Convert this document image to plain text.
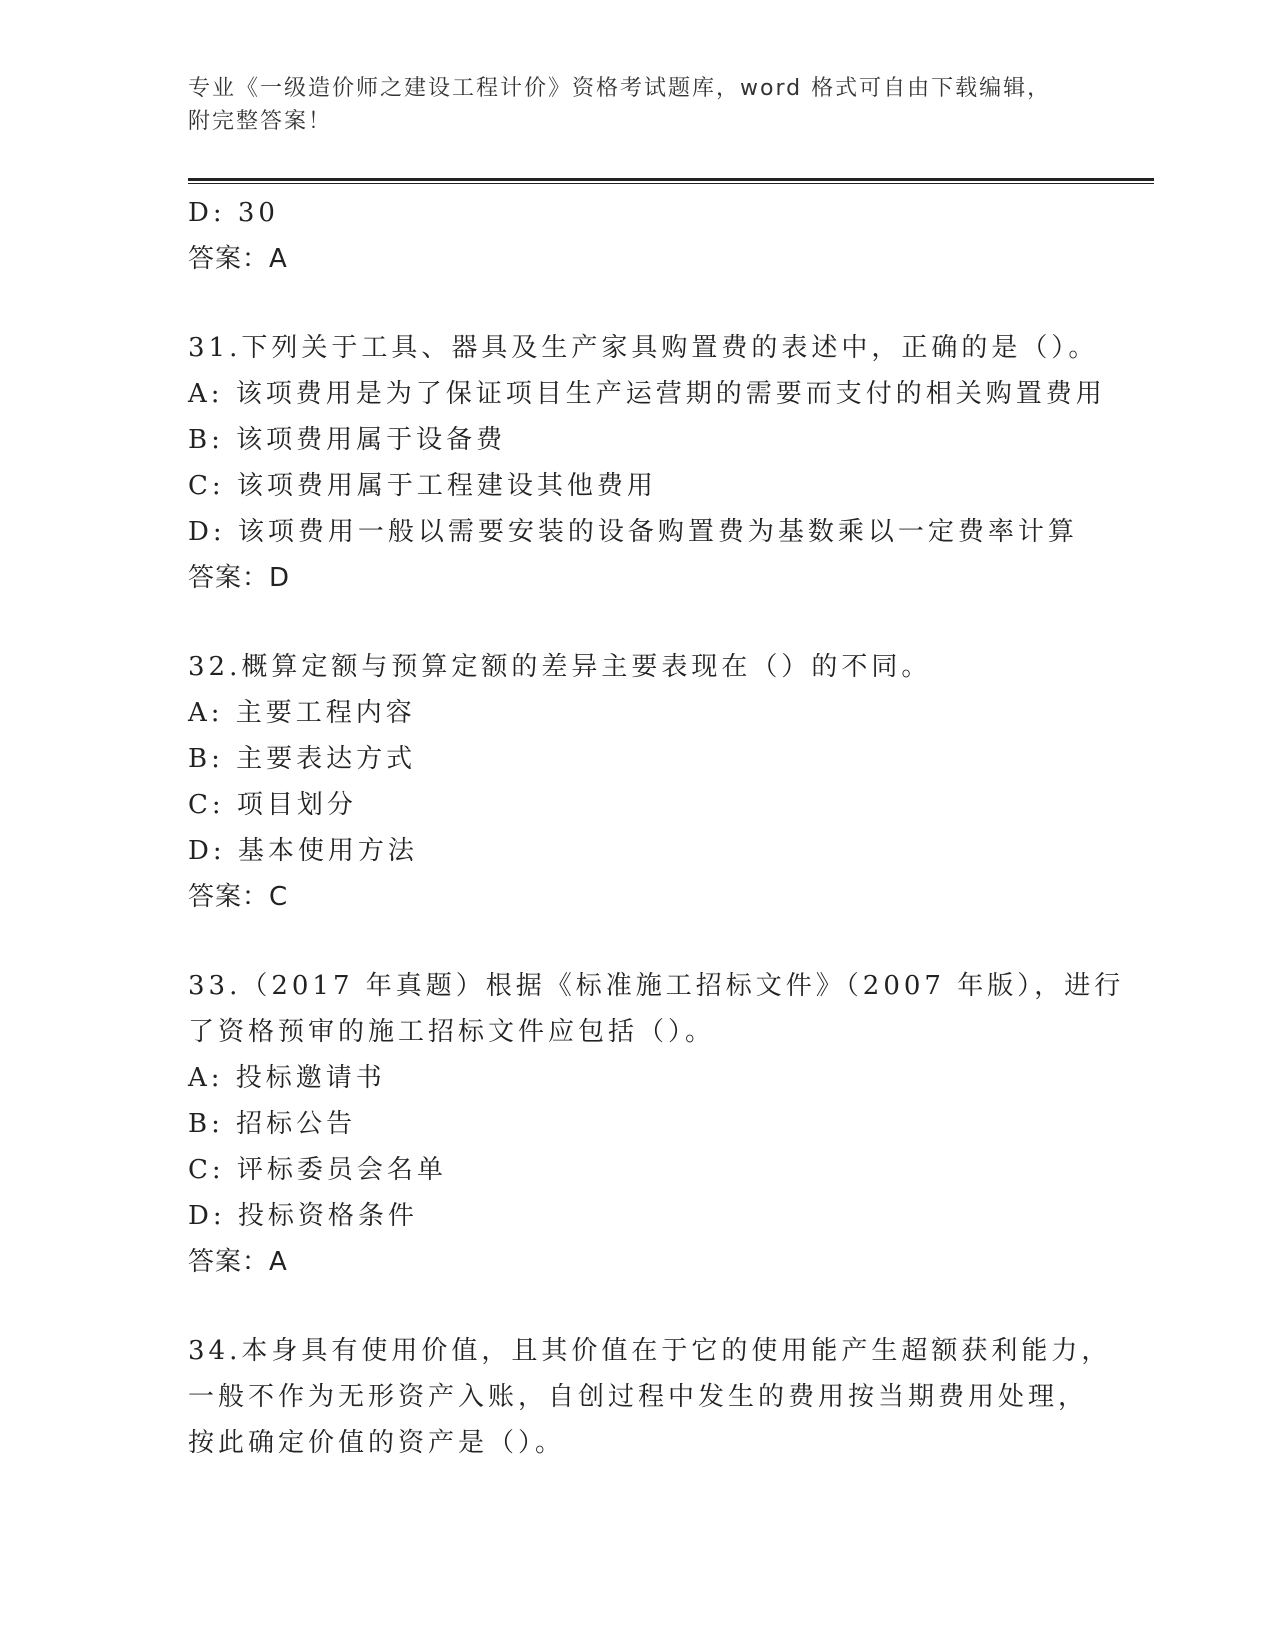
专业《一级造价师之建设工程计价》资格考试题库，word 格式可自由下载编辑，
附完整答案！
D: 30
答案：A
31.下列关于工具、器具及生产家具购置费的表述中，正确的是（）。
A: 该项费用是为了保证项目生产运营期的需要而支付的相关购置费用
B: 该项费用属于设备费
C: 该项费用属于工程建设其他费用
D: 该项费用一般以需要安装的设备购置费为基数乘以一定费率计算
答案：D
32.概算定额与预算定额的差异主要表现在（）的不同。
A: 主要工程内容
B: 主要表达方式
C: 项目划分
D: 基本使用方法
答案：C
33.（2017 年真题）根据《标准施工招标文件》（2007 年版），进行
了资格预审的施工招标文件应包括（）。
A: 投标邀请书
B: 招标公告
C: 评标委员会名单
D: 投标资格条件
答案：A
34.本身具有使用价值，且其价值在于它的使用能产生超额获利能力，
一般不作为无形资产入账，自创过程中发生的费用按当期费用处理，
按此确定价值的资产是（）。
